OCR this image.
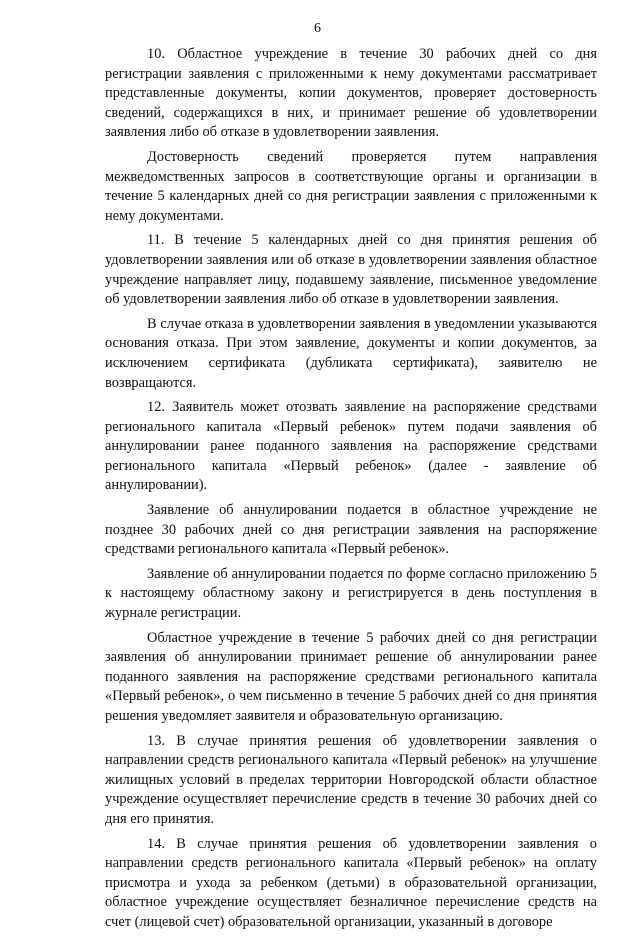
6

10. Областное учреждение в течение 30 рабочих дней со дня регистрации заявления с приложенными к нему документами рассматривает представленные документы, копии документов, проверяет достоверность сведений, содержащихся в них, и принимает решение об удовлетворении заявления либо об отказе в удовлетворении заявления.

Достоверность сведений проверяется путем направления межведомственных запросов в соответствующие органы и организации в течение 5 календарных дней со дня регистрации заявления с приложенными к нему документами.

11. В течение 5 календарных дней со дня принятия решения об удовлетворении заявления или об отказе в удовлетворении заявления областное учреждение направляет лицу, подавшему заявление, письменное уведомление об удовлетворении заявления либо об отказе в удовлетворении заявления.

В случае отказа в удовлетворении заявления в уведомлении указываются основания отказа. При этом заявление, документы и копии документов, за исключением сертификата (дубликата сертификата), заявителю не возвращаются.

12. Заявитель может отозвать заявление на распоряжение средствами регионального капитала «Первый ребенок» путем подачи заявления об аннулировании ранее поданного заявления на распоряжение средствами регионального капитала «Первый ребенок» (далее - заявление об аннулировании).

Заявление об аннулировании подается в областное учреждение не позднее 30 рабочих дней со дня регистрации заявления на распоряжение средствами регионального капитала «Первый ребенок».

Заявление об аннулировании подается по форме согласно приложению 5 к настоящему областному закону и регистрируется в день поступления в журнале регистрации.

Областное учреждение в течение 5 рабочих дней со дня регистрации заявления об аннулировании принимает решение об аннулировании ранее поданного заявления на распоряжение средствами регионального капитала «Первый ребенок», о чем письменно в течение 5 рабочих дней со дня принятия решения уведомляет заявителя и образовательную организацию.

13. В случае принятия решения об удовлетворении заявления о направлении средств регионального капитала «Первый ребенок» на улучшение жилищных условий в пределах территории Новгородской области областное учреждение осуществляет перечисление средств в течение 30 рабочих дней со дня его принятия.

14. В случае принятия решения об удовлетворении заявления о направлении средств регионального капитала «Первый ребенок» на оплату присмотра и ухода за ребенком (детьми) в образовательной организации, областное учреждение осуществляет безналичное перечисление средств на счет (лицевой счет) образовательной организации, указанный в договоре
